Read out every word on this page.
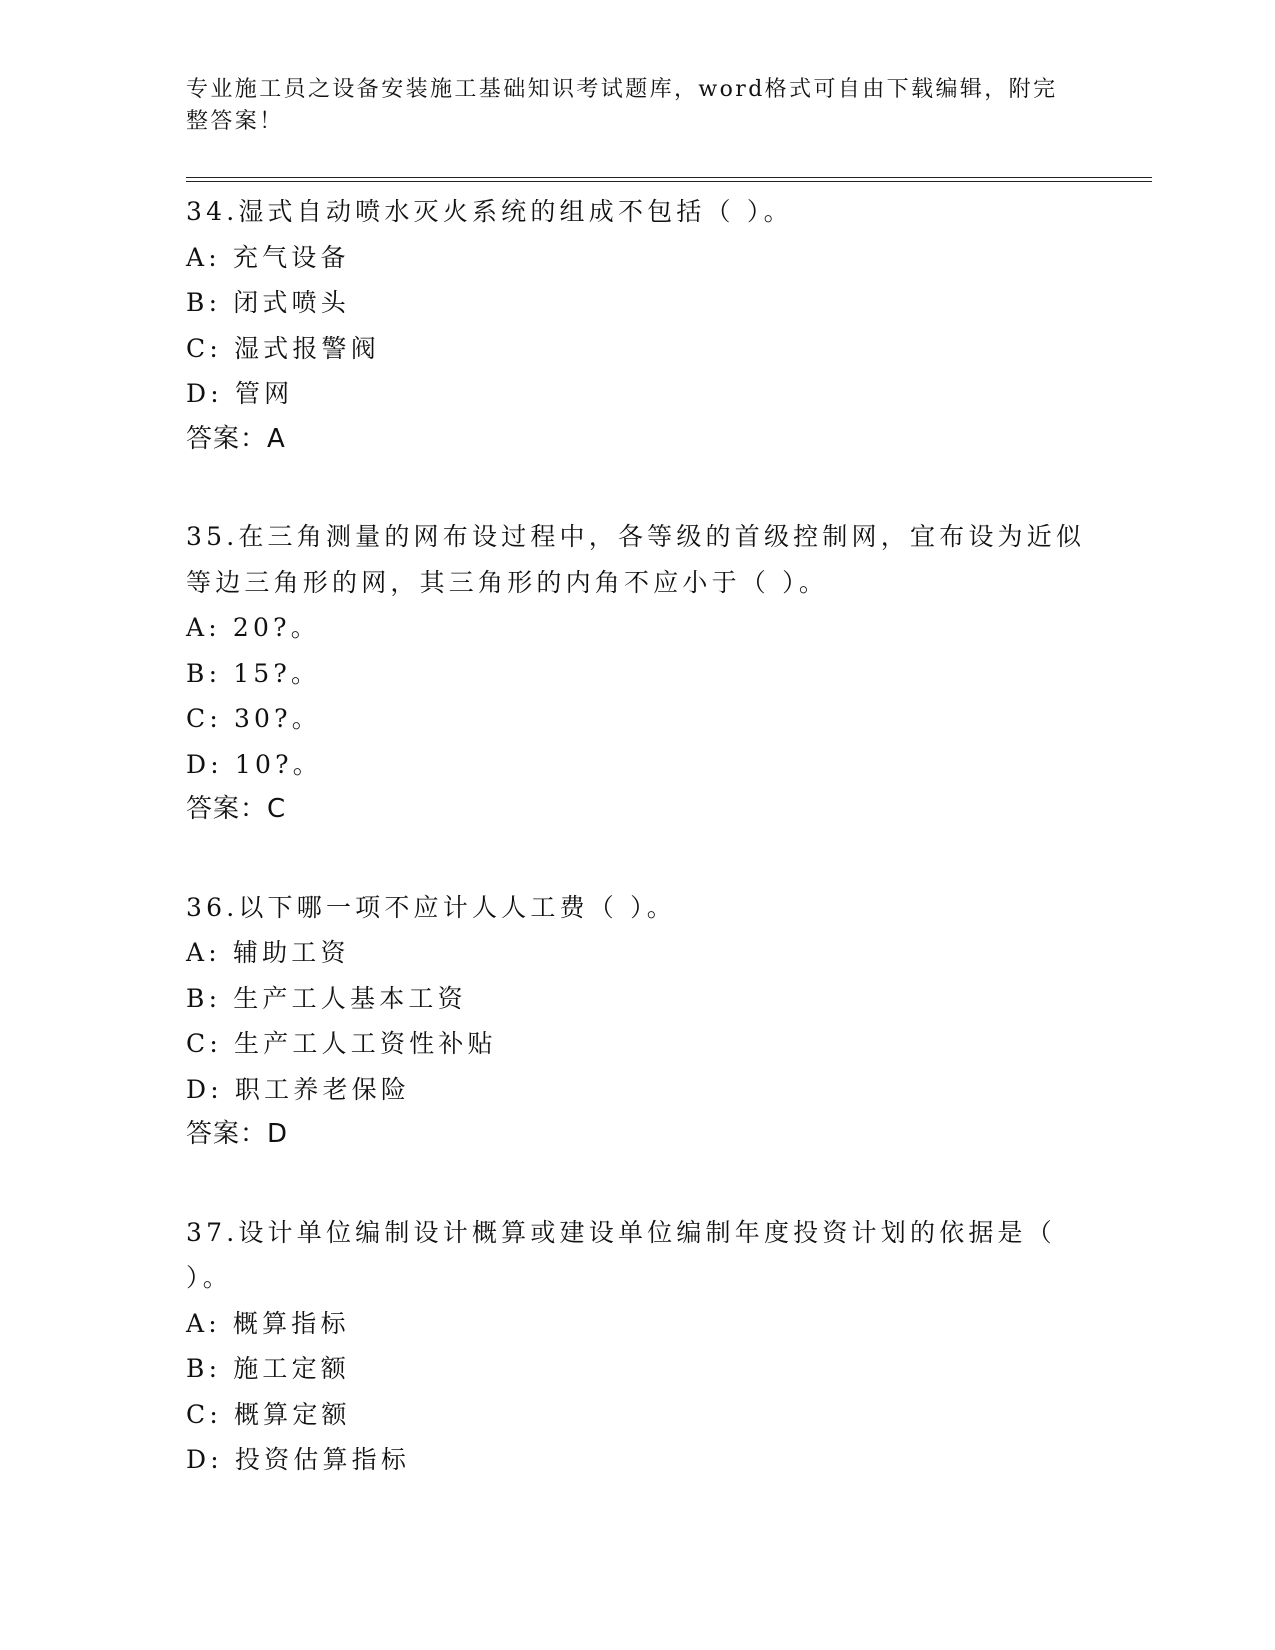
专业施工员之设备安装施工基础知识考试题库，word格式可自由下载编辑，附完
整答案！
34.湿式自动喷水灭火系统的组成不包括（ ）。
A: 充气设备
B: 闭式喷头
C: 湿式报警阀
D: 管网
答案：A
35.在三角测量的网布设过程中，各等级的首级控制网，宜布设为近似
等边三角形的网，其三角形的内角不应小于（ ）。
A: 20?。
B: 15?。
C: 30?。
D: 10?。
答案：C
36.以下哪一项不应计人人工费（ ）。
A: 辅助工资
B: 生产工人基本工资
C: 生产工人工资性补贴
D: 职工养老保险
答案：D
37.设计单位编制设计概算或建设单位编制年度投资计划的依据是（
）。
A: 概算指标
B: 施工定额
C: 概算定额
D: 投资估算指标
